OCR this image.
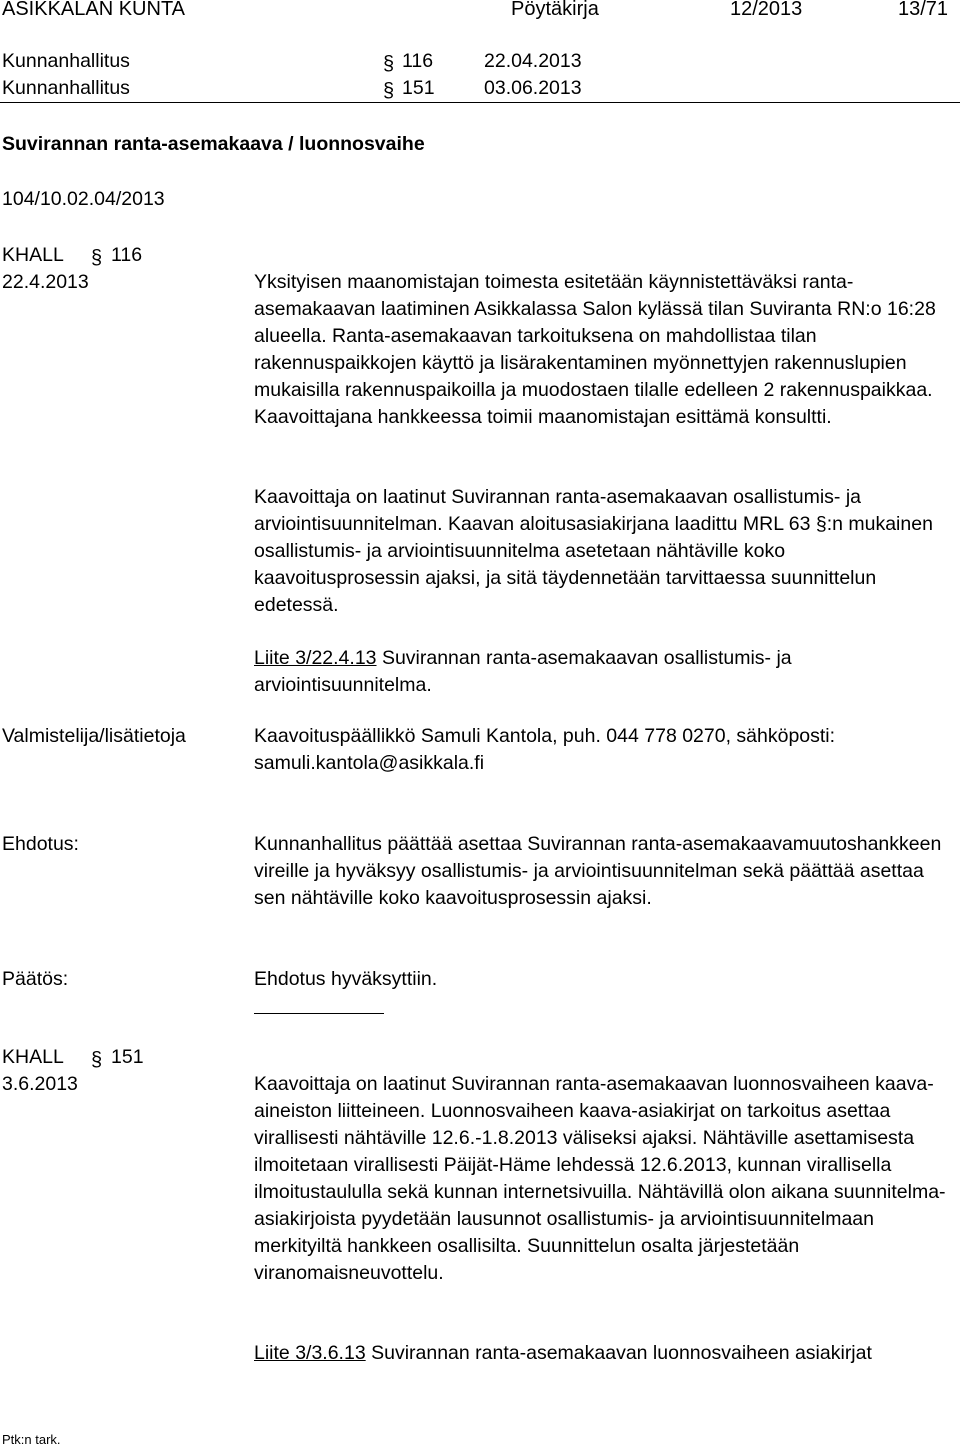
ASIKKALAN KUNTA	Pöytäkirja	12/2013	13/71
Kunnanhallitus	§ 116	22.04.2013
Kunnanhallitus	§ 151	03.06.2013
Suvirannan ranta-asemakaava / luonnosvaihe
104/10.02.04/2013
KHALL § 116
22.4.2013	Yksityisen maanomistajan toimesta esitetään käynnistettäväksi ranta-asemakaavan laatiminen Asikkalassa Salon kylässä tilan Suviranta RN:o 16:28 alueella. Ranta-asemakaavan tarkoituksena on mahdollistaa tilan rakennuspaikkojen käyttö ja lisärakentaminen myönnettyjen rakennuslupien mukaisilla rakennuspaikoilla ja muodostaen tilalle edelleen 2 rakennuspaikkaa. Kaavoittajana hankkeessa toimii maanomistajan esittämä konsultti.

Kaavoittaja on laatinut Suvirannan ranta-asemakaavan osallistumis- ja arviointisuunnitelman. Kaavan aloitusasiakirjana laadittu MRL 63 §:n mukainen osallistumis- ja arviointisuunnitelma asetetaan nähtäville koko kaavoitusprosessin ajaksi, ja sitä täydennetään tarvittaessa suunnittelun edetessä.

Liite 3/22.4.13 Suvirannan ranta-asemakaavan osallistumis- ja arviointisuunnitelma.

Valmistelija/lisätietoja	Kaavoituspäällikkö Samuli Kantola, puh. 044 778 0270, sähköposti: samuli.kantola@asikkala.fi
Ehdotus:	Kunnanhallitus päättää asettaa Suvirannan ranta-asemakaavamuutoshankkeen vireille ja hyväksyy osallistumis- ja arviointisuunnitelman sekä päättää asettaa sen nähtäville koko kaavoitusprosessin ajaksi.
Päätös:	Ehdotus hyväksyttiin.
KHALL § 151
3.6.2013	Kaavoittaja on laatinut Suvirannan ranta-asemakaavan luonnosvaiheen kaava-aineiston liitteineen. Luonnosvaiheen kaava-asiakirjat on tarkoitus asettaa virallisesti nähtäville 12.6.-1.8.2013 väliseksi ajaksi. Nähtäville asettamisesta ilmoitetaan virallisesti Päijät-Häme lehdessä 12.6.2013, kunnan virallisella ilmoitustaululla sekä kunnan internetsivuilla. Nähtävillä olon aikana suunnitelma-asiakirjoista pyydetään lausunnot osallistumis- ja arviointisuunnitelmaan merkityiltä hankkeen osallisilta. Suunnittelun osalta järjestetään viranomaisneuvottelu.

Liite 3/3.6.13 Suvirannan ranta-asemakaavan luonnosvaiheen asiakirjat

Ptk:n tark.
